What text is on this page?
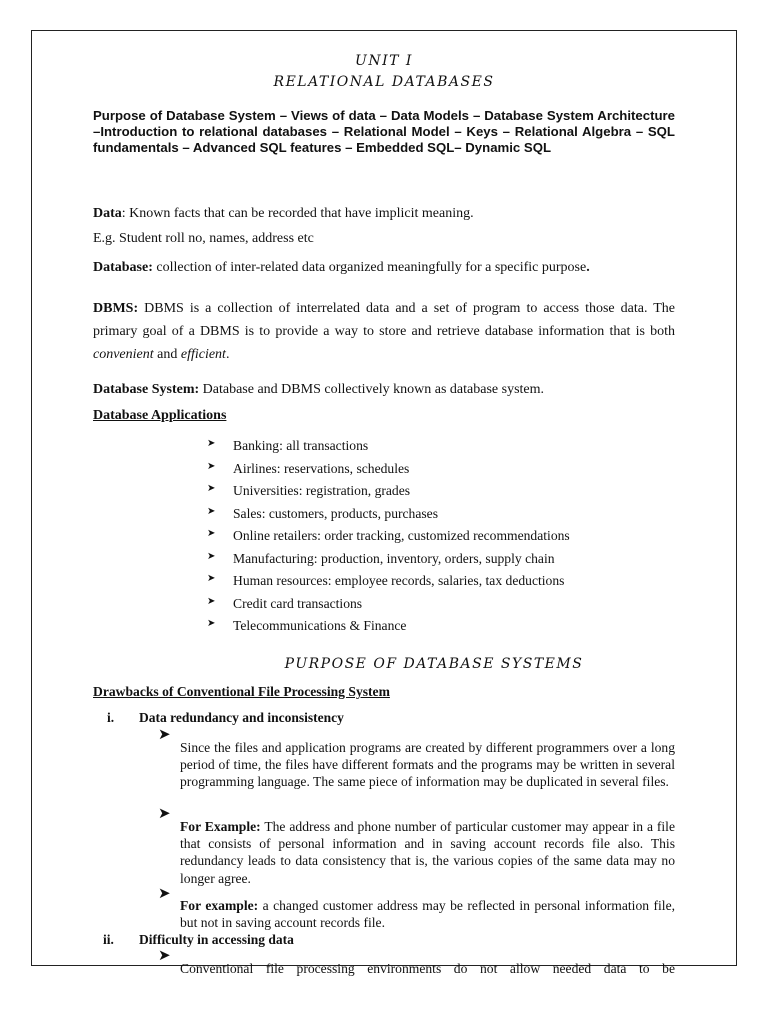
UNIT I
RELATIONAL DATABASES
Purpose of Database System – Views of data – Data Models – Database System Architecture –Introduction to relational databases – Relational Model – Keys – Relational Algebra – SQL fundamentals – Advanced SQL features – Embedded SQL– Dynamic SQL
Data: Known facts that can be recorded that have implicit meaning.
E.g. Student roll no, names, address etc
Database: collection of inter-related data organized meaningfully for a specific purpose.
DBMS: DBMS is a collection of interrelated data and a set of program to access those data. The primary goal of a DBMS is to provide a way to store and retrieve database information that is both convenient and efficient.
Database System: Database and DBMS collectively known as database system.
Database Applications
➤ Banking: all transactions
➤ Airlines: reservations, schedules
➤ Universities: registration, grades
➤ Sales: customers, products, purchases
➤ Online retailers: order tracking, customized recommendations
➤ Manufacturing: production, inventory, orders, supply chain
➤ Human resources: employee records, salaries, tax deductions
➤ Credit card transactions
➤ Telecommunications & Finance
PURPOSE OF DATABASE SYSTEMS
Drawbacks of Conventional File Processing System
i. Data redundancy and inconsistency
➤
Since the files and application programs are created by different programmers over a long period of time, the files have different formats and the programs may be written in several programming language. The same piece of information may be duplicated in several files.
➤
For Example: The address and phone number of particular customer may appear in a file that consists of personal information and in saving account records file also. This redundancy leads to data consistency that is, the various copies of the same data may no longer agree.
➤
For example: a changed customer address may be reflected in personal information file, but not in saving account records file.
ii. Difficulty in accessing data
➤
Conventional file processing environments do not allow needed data to be
